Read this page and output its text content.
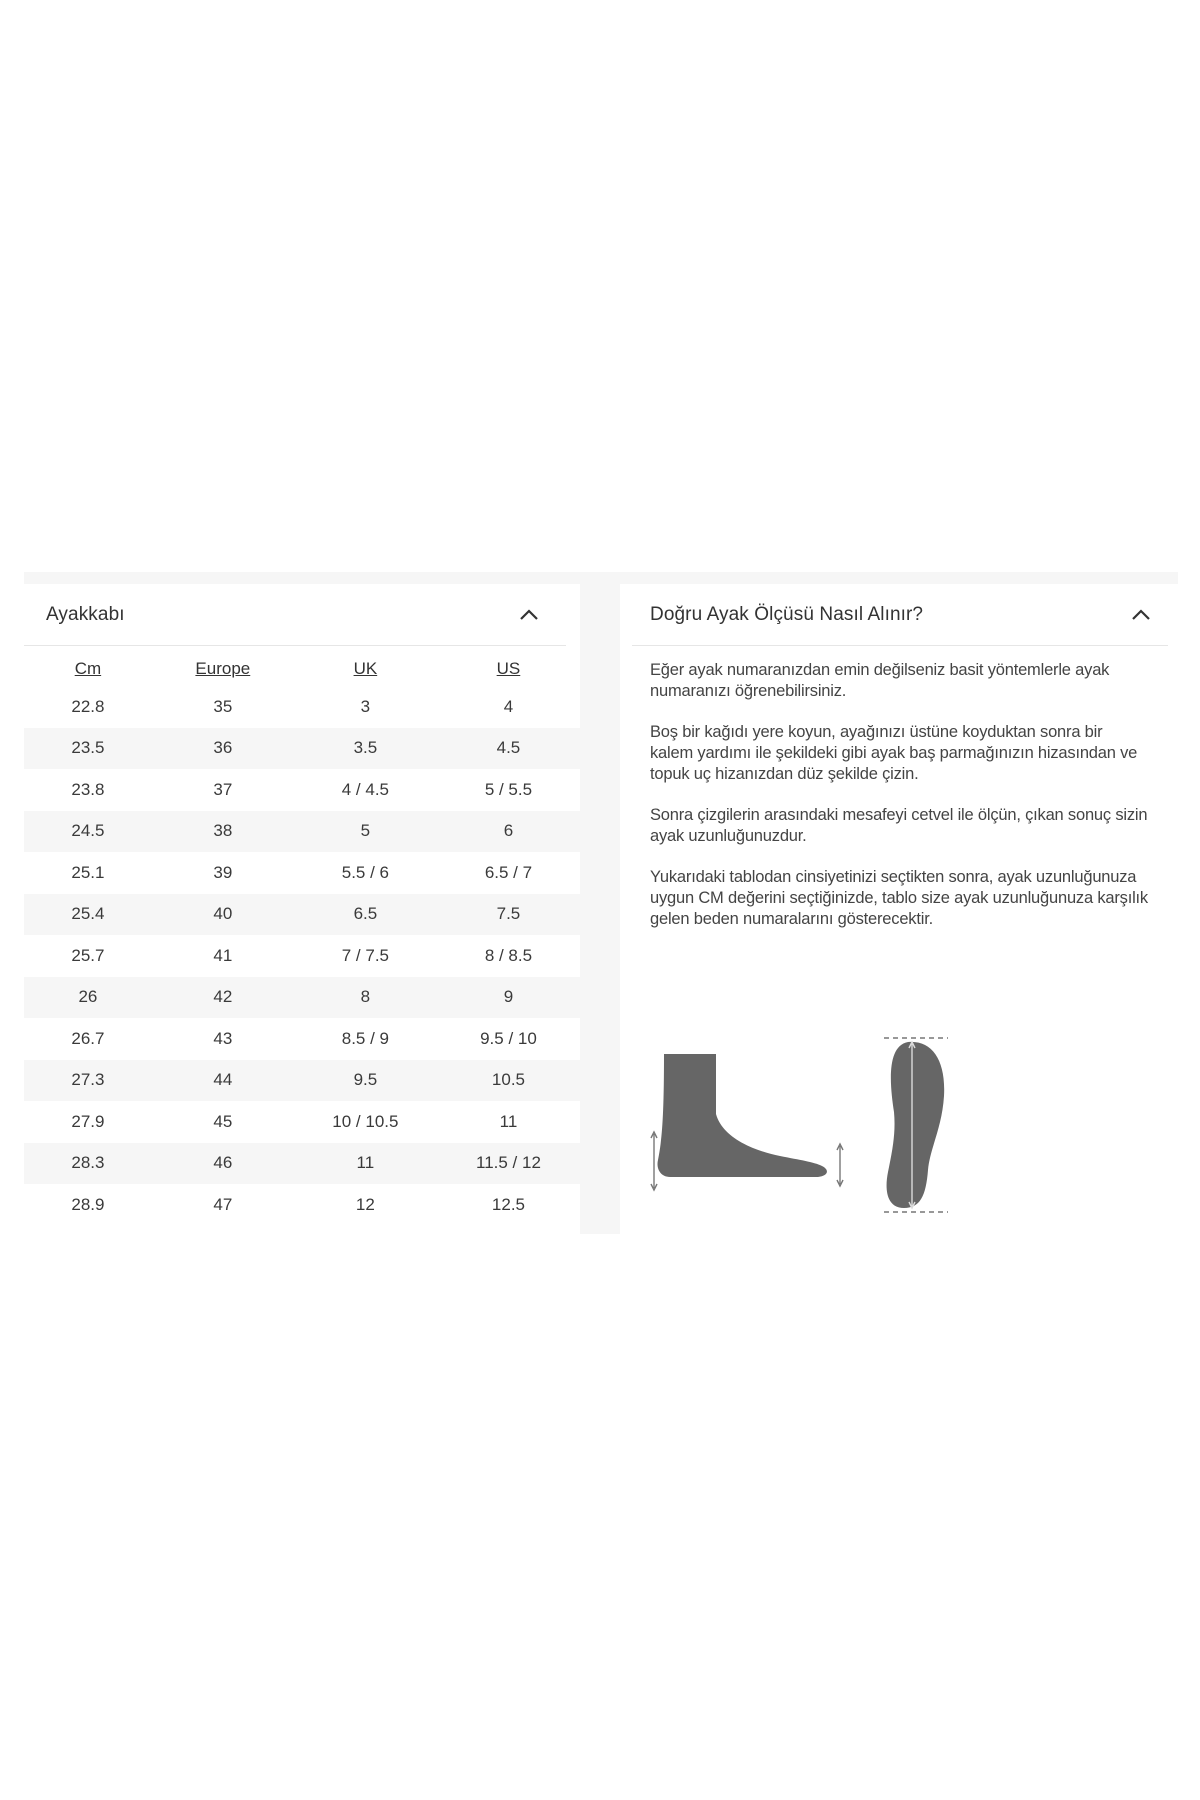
Ayakkabı
Cm	Europe	UK	US
22.8	35	3	4
23.5	36	3.5	4.5
23.8	37	4 / 4.5	5 / 5.5
24.5	38	5	6
25.1	39	5.5 / 6	6.5 / 7
25.4	40	6.5	7.5
25.7	41	7 / 7.5	8 / 8.5
26	42	8	9
26.7	43	8.5 / 9	9.5 / 10
27.3	44	9.5	10.5
27.9	45	10 / 10.5	11
28.3	46	11	11.5 / 12
28.9	47	12	12.5
Doğru Ayak Ölçüsü Nasıl Alınır?

Eğer ayak numaranızdan emin değilseniz basit yöntemlerle ayak numaranızı öğrenebilirsiniz.

Boş bir kağıdı yere koyun, ayağınızı üstüne koyduktan sonra bir kalem yardımı ile şekildeki gibi ayak baş parmağınızın hizasından ve topuk uç hizanızdan düz şekilde çizin.

Sonra çizgilerin arasındaki mesafeyi cetvel ile ölçün, çıkan sonuç sizin ayak uzunluğunuzdur.

Yukarıdaki tablodan cinsiyetinizi seçtikten sonra, ayak uzunluğunuza uygun CM değerini seçtiğinizde, tablo size ayak uzunluğunuza karşılık gelen beden numaralarını gösterecektir.
